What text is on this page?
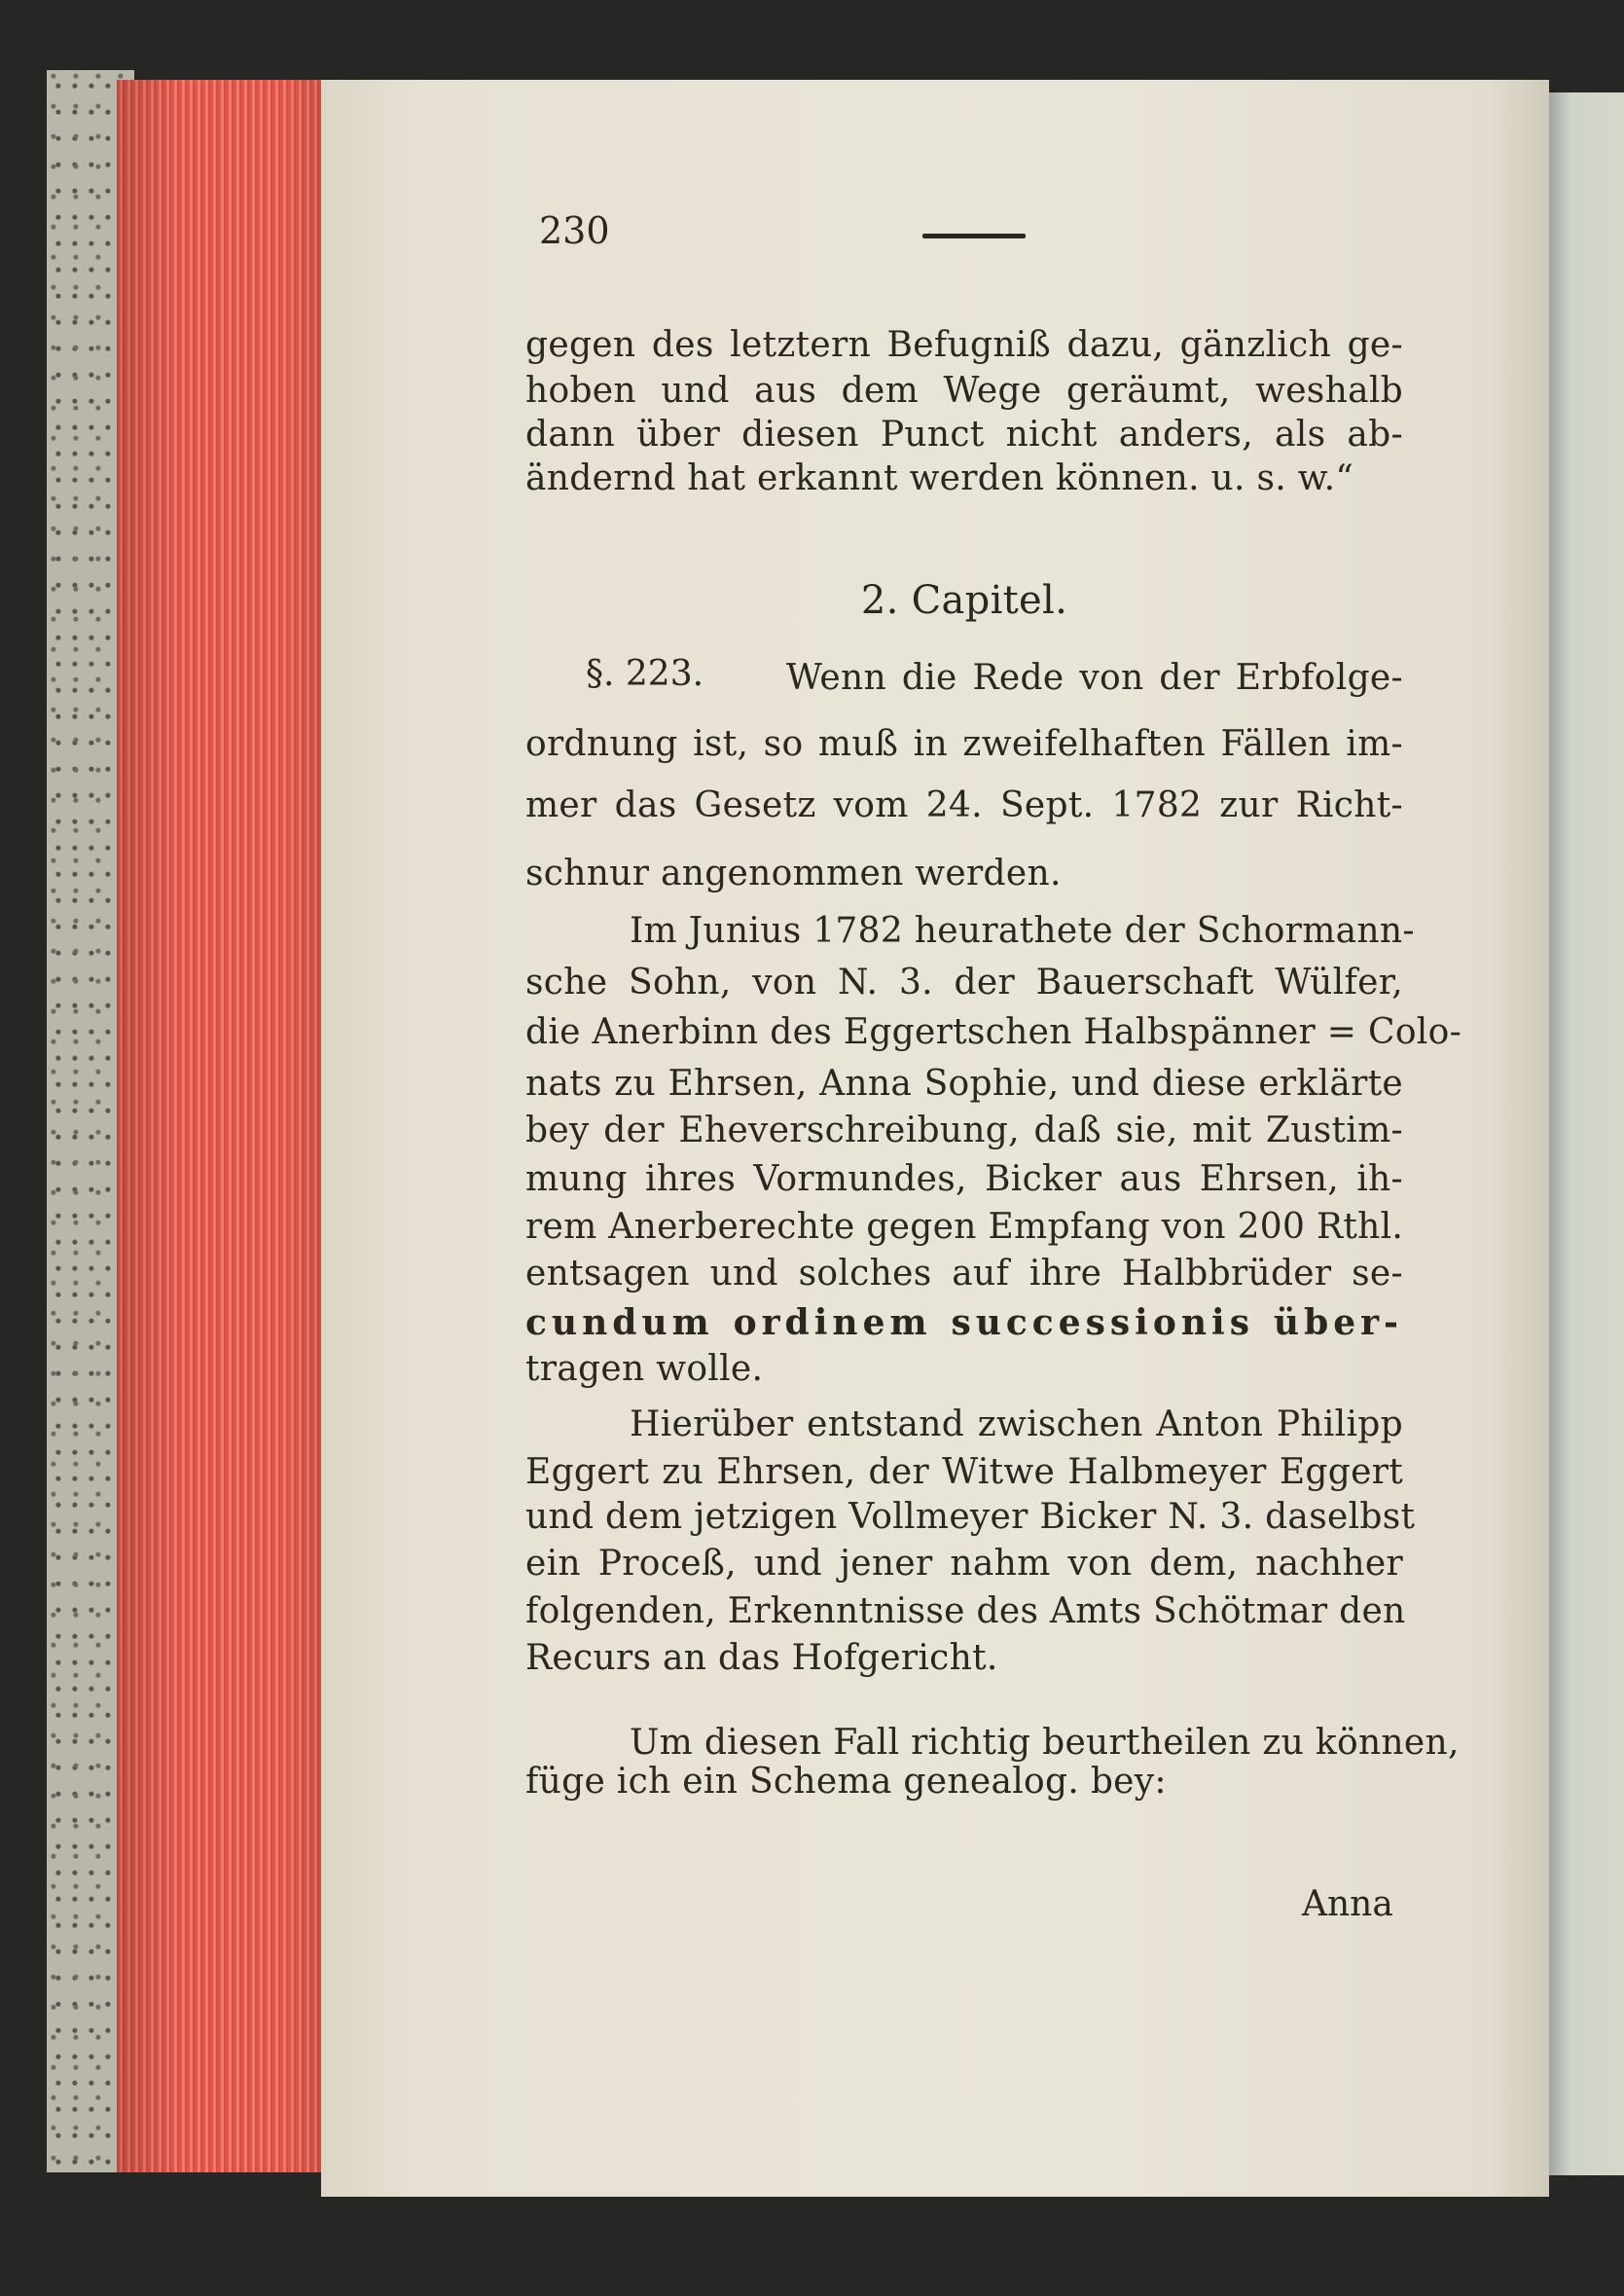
230
gegen des letztern Befugniß dazu, gänzlich ge-
hoben und aus dem Wege geräumt, weshalb
dann über diesen Punct nicht anders, als ab-
ändernd hat erkannt werden können. u. s. w.“
2. Capitel.
§. 223. Wenn die Rede von der Erbfolge-
ordnung ist, so muß in zweifelhaften Fällen im-
mer das Gesetz vom 24. Sept. 1782 zur Richt-
schnur angenommen werden.
Im Junius 1782 heurathete der Schormann-
sche Sohn, von N. 3. der Bauerschaft Wülfer,
die Anerbinn des Eggertschen Halbspänner = Colo-
nats zu Ehrsen, Anna Sophie, und diese erklärte
bey der Eheverschreibung, daß sie, mit Zustim-
mung ihres Vormundes, Bicker aus Ehrsen, ih-
rem Anerberechte gegen Empfang von 200 Rthl.
entsagen und solches auf ihre Halbbrüder se-
cundum ordinem successionis über-
tragen wolle.
Hierüber entstand zwischen Anton Philipp
Eggert zu Ehrsen, der Witwe Halbmeyer Eggert
und dem jetzigen Vollmeyer Bicker N. 3. daselbst
ein Proceß, und jener nahm von dem, nachher
folgenden, Erkenntnisse des Amts Schötmar den
Recurs an das Hofgericht.
Um diesen Fall richtig beurtheilen zu können,
füge ich ein Schema genealog. bey:
Anna
